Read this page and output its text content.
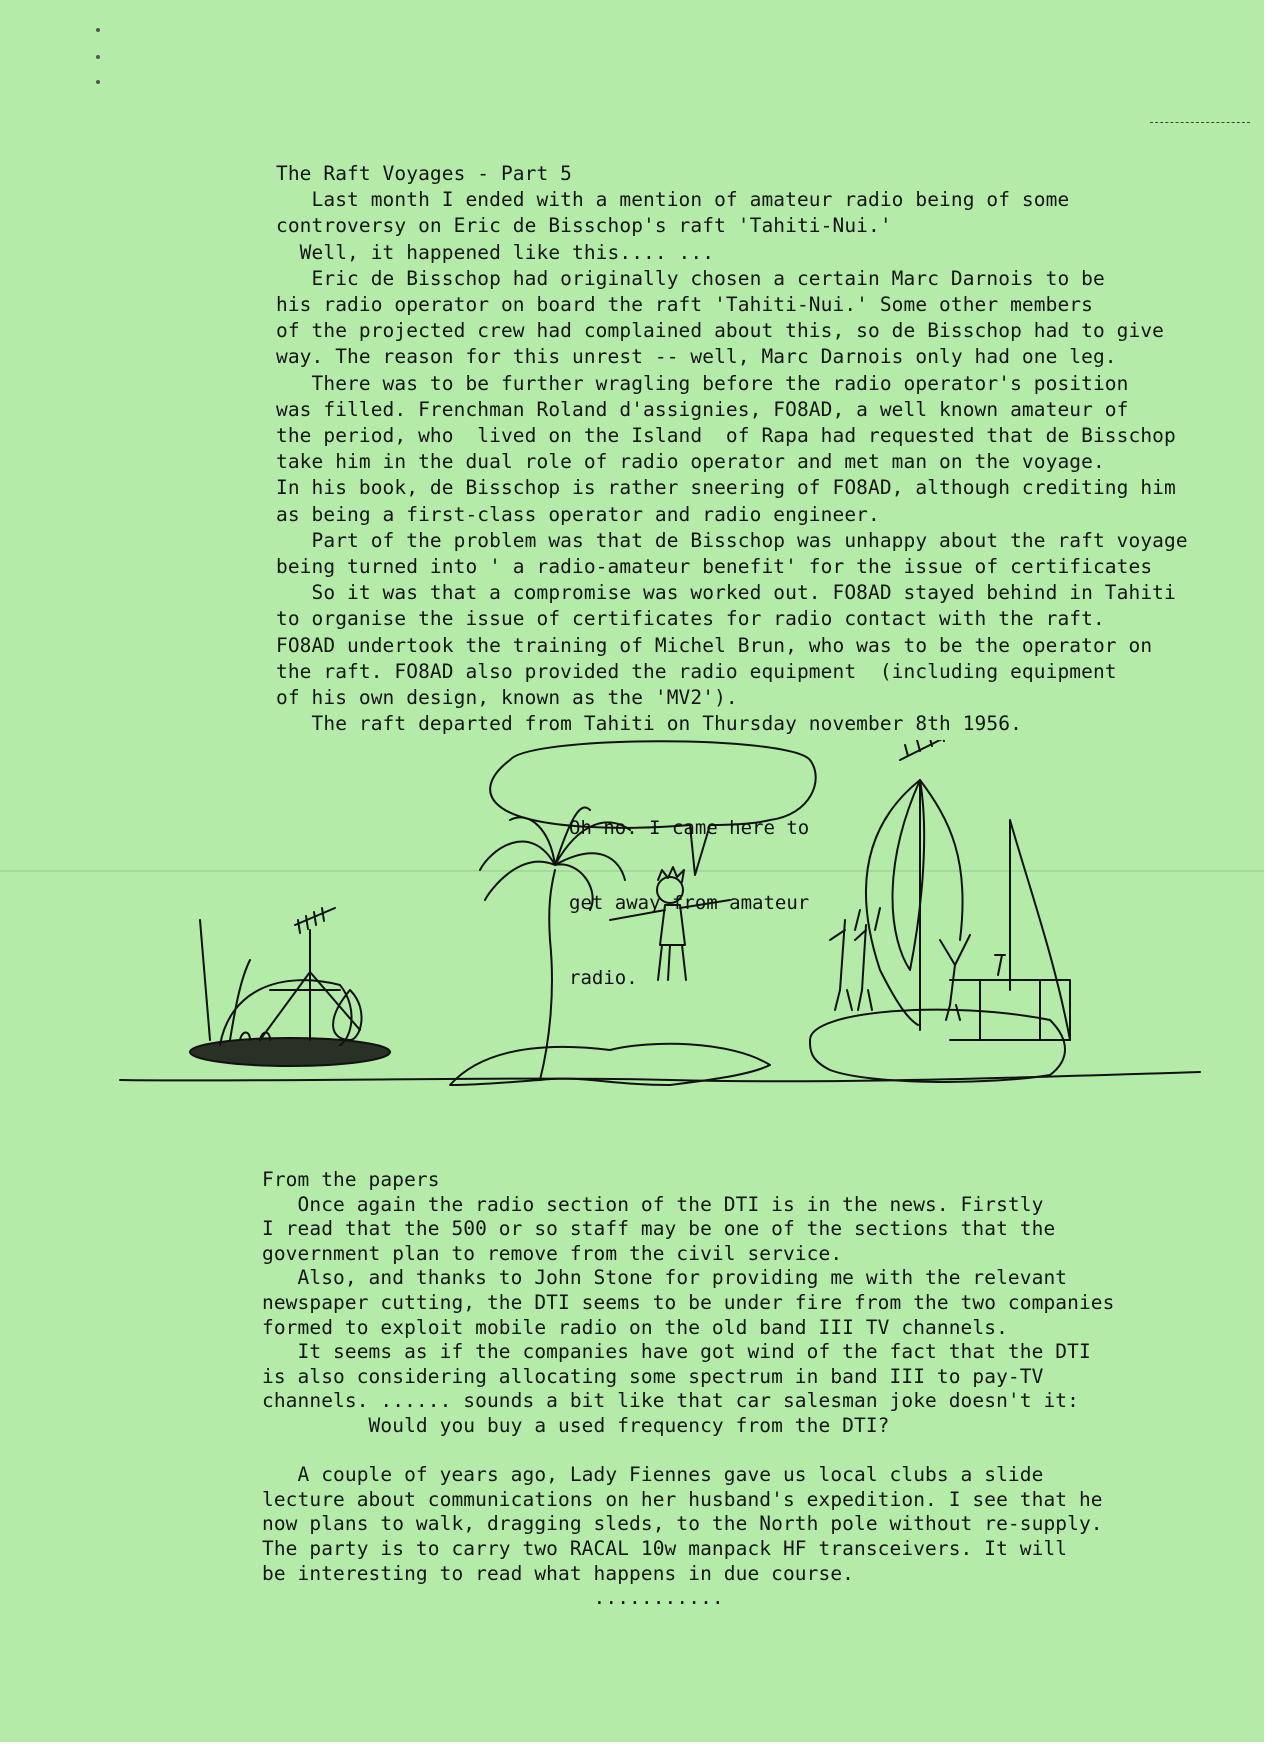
The Raft Voyages - Part 5

Last month I ended with a mention of amateur radio being of some
controversy on Eric de Bisschop's raft 'Tahiti-Nui.'
Well, it happened like this.... ...
Eric de Bisschop had originally chosen a certain Marc Darnois to be
his radio operator on board the raft 'Tahiti-Nui.' Some other members
of the projected crew had complained about this, so de Bisschop had to give
way. The reason for this unrest -- well, Marc Darnois only had one leg.
There was to be further wragling before the radio operator's position
was filled. Frenchman Roland d'assignies, FO8AD, a well known amateur of
the period, who  lived on the Island  of Rapa had requested that de Bisschop
take him in the dual role of radio operator and met man on the voyage.
In his book, de Bisschop is rather sneering of FO8AD, although crediting him
as being a first-class operator and radio engineer.
Part of the problem was that de Bisschop was unhappy about the raft voyage
being turned into ' a radio-amateur benefit' for the issue of certificates
So it was that a compromise was worked out. FO8AD stayed behind in Tahiti
to organise the issue of certificates for radio contact with the raft.
FO8AD undertook the training of Michel Brun, who was to be the operator on
the raft. FO8AD also provided the radio equipment  (including equipment
of his own design, known as the 'MV2').
The raft departed from Tahiti on Thursday november 8th 1956.

Oh no. I came here to

get away from amateur

radio.

From the papers

Once again the radio section of the DTI is in the news. Firstly
I read that the 500 or so staff may be one of the sections that the
government plan to remove from the civil service.
Also, and thanks to John Stone for providing me with the relevant
newspaper cutting, the DTI seems to be under fire from the two companies
formed to exploit mobile radio on the old band III TV channels.
It seems as if the companies have got wind of the fact that the DTI
is also considering allocating some spectrum in band III to pay-TV
channels. ...... sounds a bit like that car salesman joke doesn't it:
Would you buy a used frequency from the DTI?
A couple of years ago, Lady Fiennes gave us local clubs a slide
lecture about communications on her husband's expedition. I see that he
now plans to walk, dragging sleds, to the North pole without re-supply.
The party is to carry two RACAL 10w manpack HF transceivers. It will
be interesting to read what happens in due course.
...........
